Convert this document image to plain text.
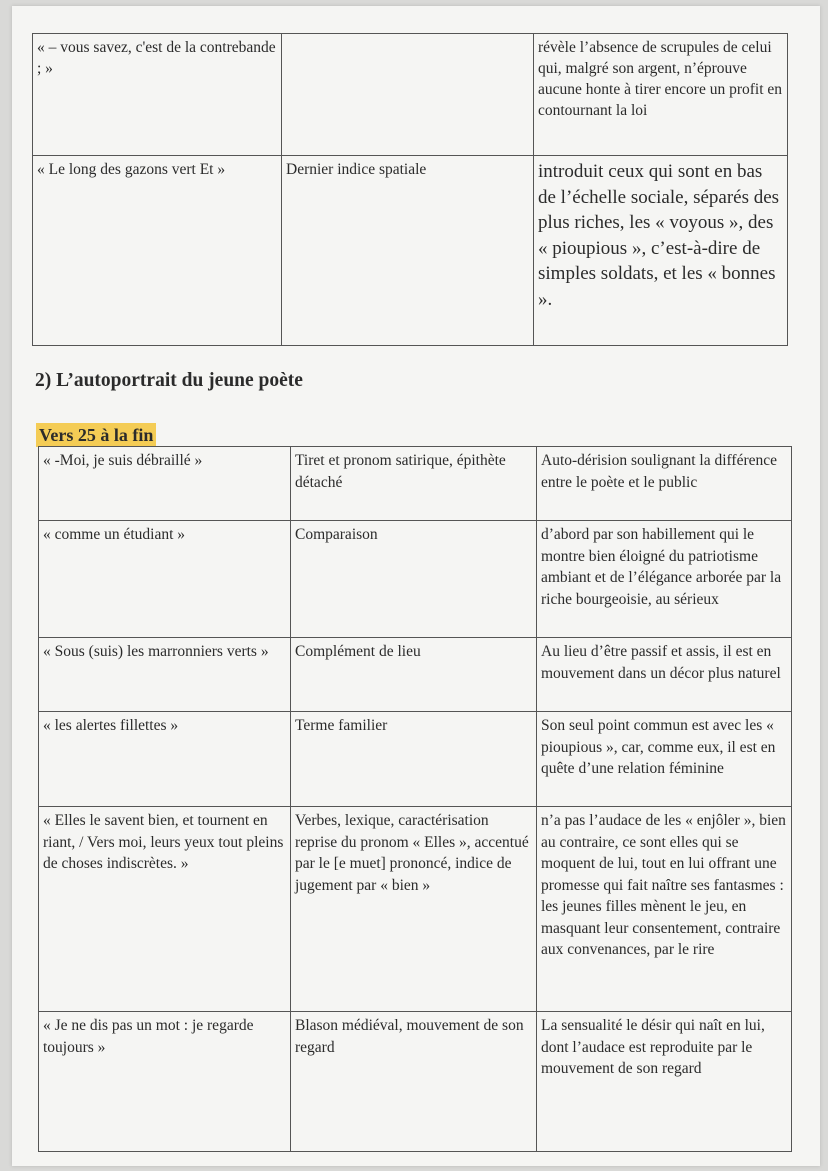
« – vous savez, c'est de la contrebande ; »		révèle l’absence de scrupules de celui qui, malgré son argent, n’éprouve aucune honte à tirer encore un profit en contournant la loi
« Le long des gazons vert Et »	Dernier indice spatiale	introduit ceux qui sont en bas de l’échelle sociale, séparés des plus riches, les « voyous », des « pioupious », c’est-à-dire de simples soldats, et les « bonnes ».
2) L’autoportrait du jeune poète
Vers 25 à la fin
« -Moi, je suis débraillé »	Tiret et pronom satirique, épithète détaché	Auto-dérision soulignant la différence entre le poète et le public
« comme un étudiant »	Comparaison	d’abord par son habillement qui le montre bien éloigné du patriotisme ambiant et de l’élégance arborée par la riche bourgeoisie, au sérieux
« Sous (suis) les marronniers verts »	Complément de lieu	Au lieu d’être passif et assis, il est en mouvement dans un décor plus naturel
« les alertes fillettes »	Terme familier	Son seul point commun est avec les « pioupious », car, comme eux, il est en quête d’une relation féminine
« Elles le savent bien, et tournent en riant, / Vers moi, leurs yeux tout pleins de choses indiscrètes. »	Verbes, lexique, caractérisation reprise du pronom « Elles », accentué par le [e muet] prononcé, indice de jugement par « bien »	n’a pas l’audace de les « enjôler », bien au contraire, ce sont elles qui se moquent de lui, tout en lui offrant une promesse qui fait naître ses fantasmes : les jeunes filles mènent le jeu, en masquant leur consentement, contraire aux convenances, par le rire
« Je ne dis pas un mot : je regarde toujours »	Blason médiéval, mouvement de son regard	La sensualité le désir qui naît en lui, dont l’audace est reproduite par le mouvement de son regard
